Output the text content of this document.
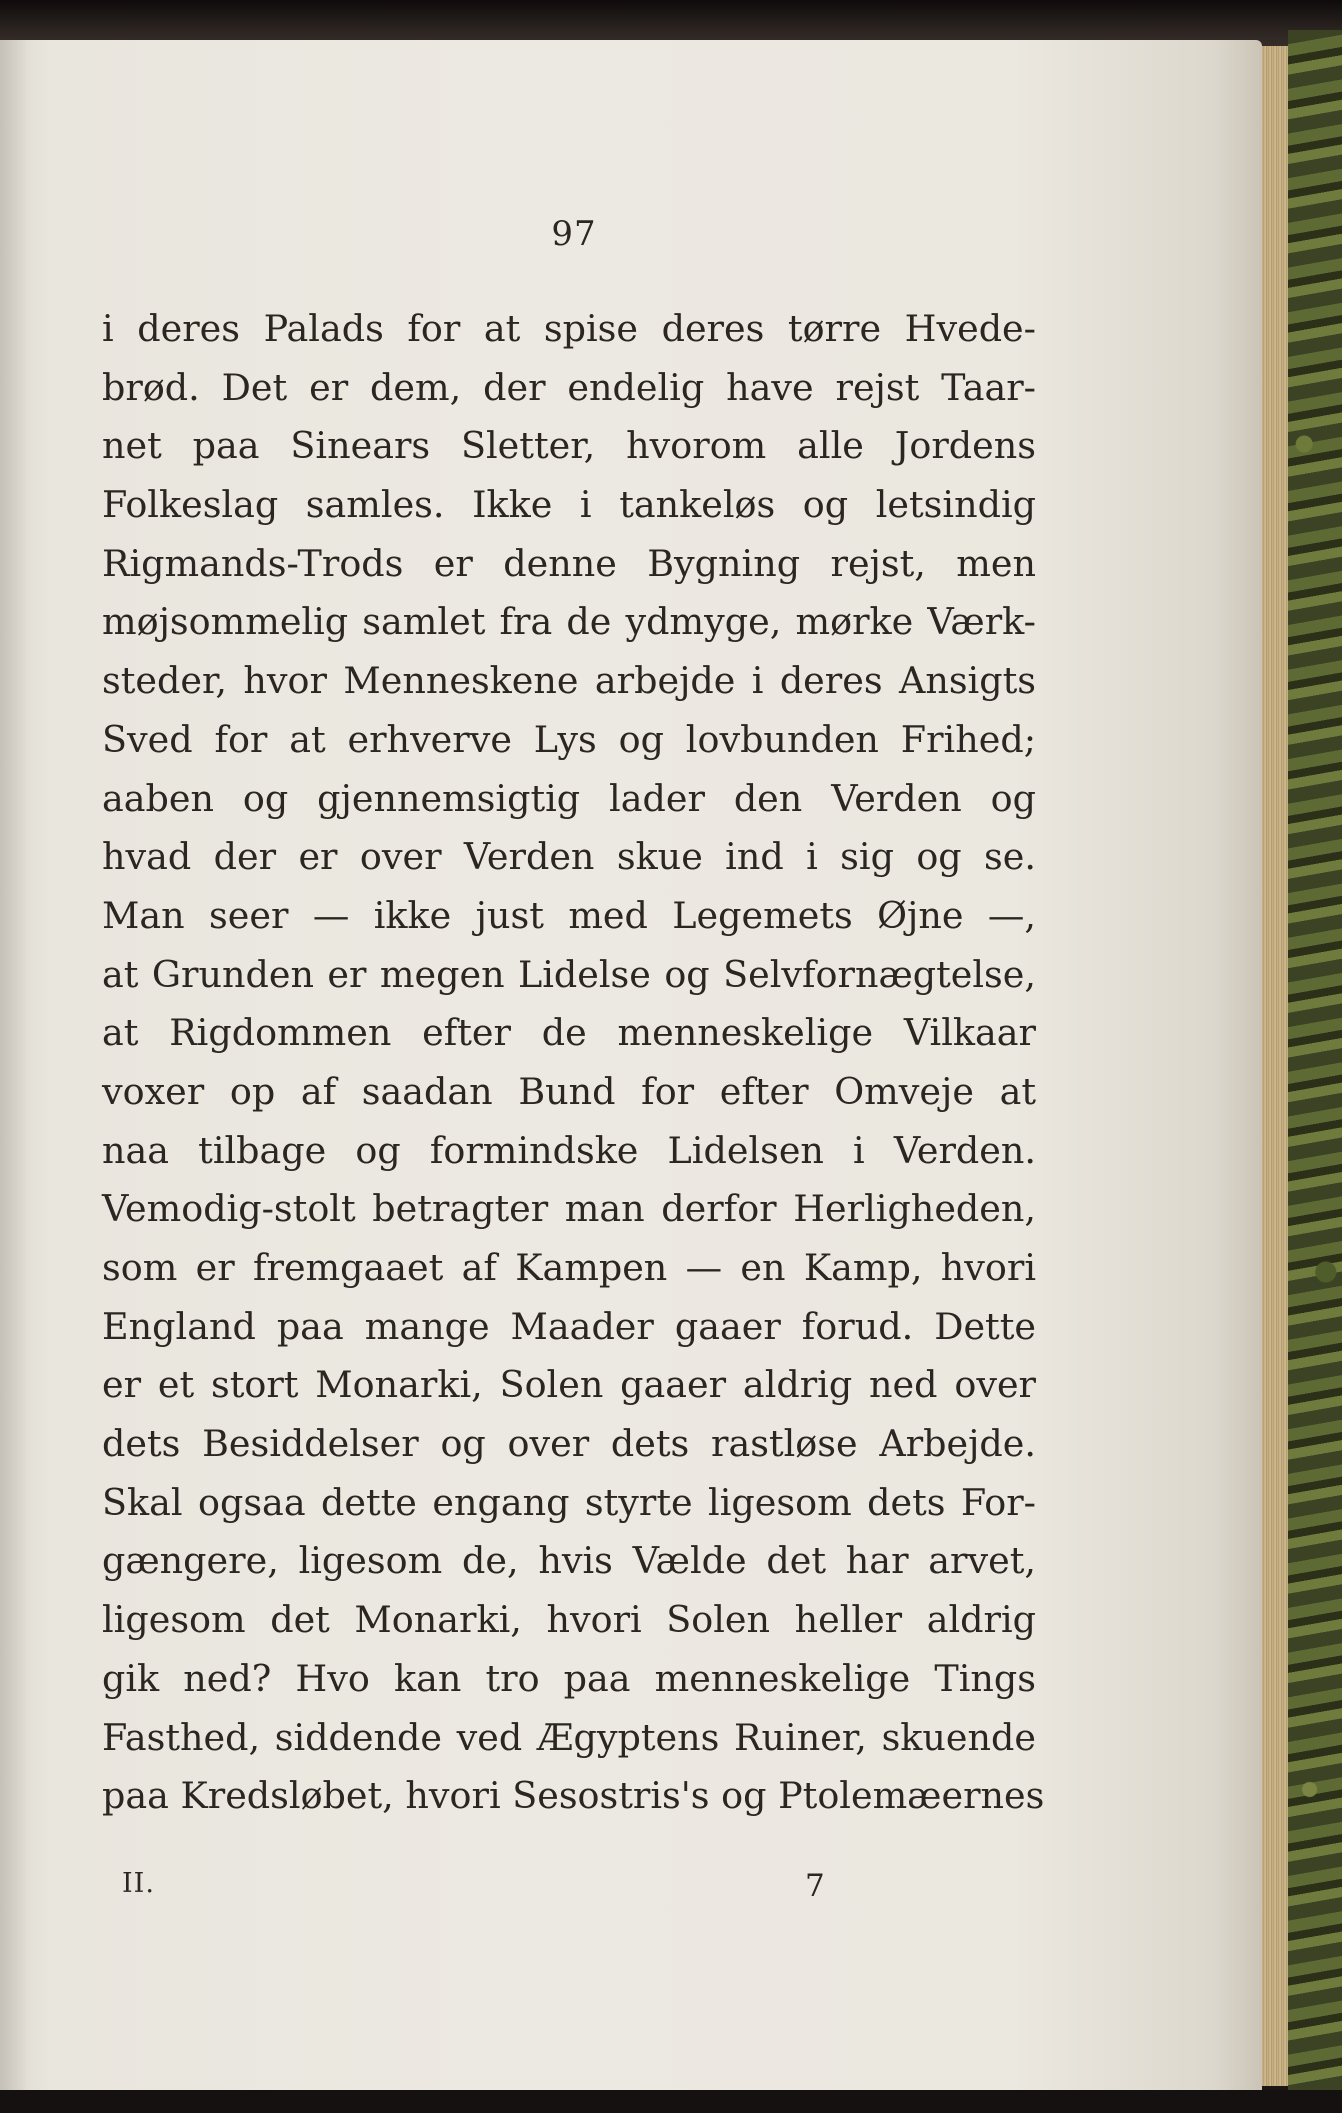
97
i deres Palads for at spise deres tørre Hvede-
brød. Det er dem, der endelig have rejst Taar-
net paa Sinears Sletter, hvorom alle Jordens
Folkeslag samles. Ikke i tankeløs og letsindig
Rigmands-Trods er denne Bygning rejst, men
møjsommelig samlet fra de ydmyge, mørke Værk-
steder, hvor Menneskene arbejde i deres Ansigts
Sved for at erhverve Lys og lovbunden Frihed;
aaben og gjennemsigtig lader den Verden og
hvad der er over Verden skue ind i sig og se.
Man seer — ikke just med Legemets Øjne —,
at Grunden er megen Lidelse og Selvfornægtelse,
at Rigdommen efter de menneskelige Vilkaar
voxer op af saadan Bund for efter Omveje at
naa tilbage og formindske Lidelsen i Verden.
Vemodig-stolt betragter man derfor Herligheden,
som er fremgaaet af Kampen — en Kamp, hvori
England paa mange Maader gaaer forud. Dette
er et stort Monarki, Solen gaaer aldrig ned over
dets Besiddelser og over dets rastløse Arbejde.
Skal ogsaa dette engang styrte ligesom dets For-
gængere, ligesom de, hvis Vælde det har arvet,
ligesom det Monarki, hvori Solen heller aldrig
gik ned? Hvo kan tro paa menneskelige Tings
Fasthed, siddende ved Ægyptens Ruiner, skuende
paa Kredsløbet, hvori Sesostris's og Ptolemæernes
II.	7
